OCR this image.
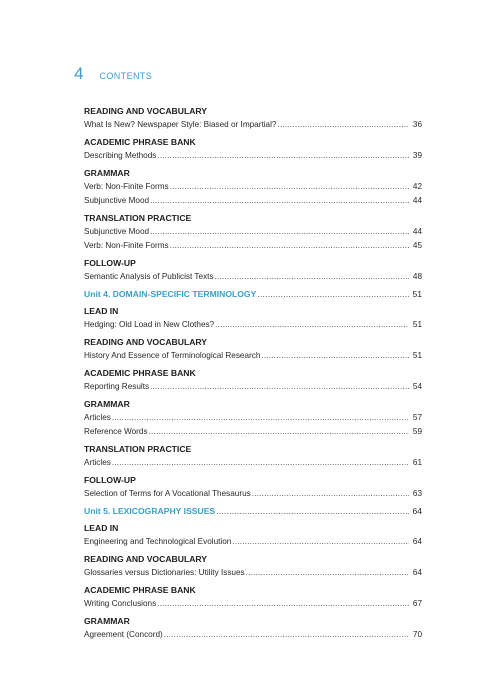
4 CONTENTS
READING AND VOCABULARY
What Is New? Newspaper Style: Biased or Impartial? .....	36
ACADEMIC PHRASE BANK
Describing Methods .....	39
GRAMMAR
Verb: Non-Finite Forms .....	42
Subjunctive Mood .....	44
TRANSLATION PRACTICE
Subjunctive Mood .....	44
Verb: Non-Finite Forms .....	45
FOLLOW-UP
Semantic Analysis of Publicist Texts .....	48
Unit 4. DOMAIN-SPECIFIC TERMINOLOGY .....	51
LEAD IN
Hedging: Old Load in New Clothes? .....	51
READING AND VOCABULARY
History And Essence of Terminological Research .....	51
ACADEMIC PHRASE BANK
Reporting Results .....	54
GRAMMAR
Articles .....	57
Reference Words .....	59
TRANSLATION PRACTICE
Articles .....	61
FOLLOW-UP
Selection of Terms for A Vocational Thesaurus .....	63
Unit 5. LEXICOGRAPHY ISSUES .....	64
LEAD IN
Engineering and Technological Evolution .....	64
READING AND VOCABULARY
Glossaries versus Dictionaries: Utility Issues .....	64
ACADEMIC PHRASE BANK
Writing Conclusions .....	67
GRAMMAR
Agreement (Concord) .....	70
